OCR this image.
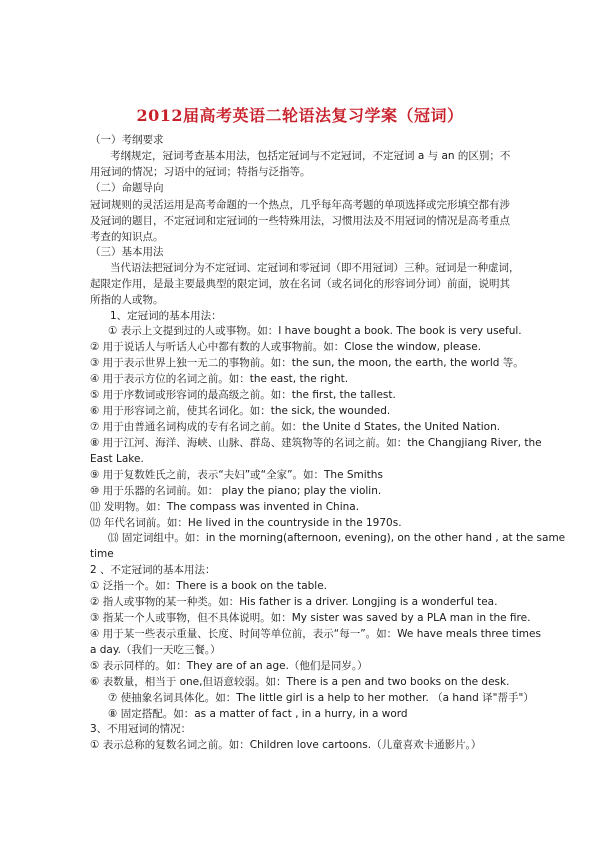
2012届高考英语二轮语法复习学案（冠词）
（一）考纲要求
考纲规定，冠词考查基本用法，包括定冠词与不定冠词，不定冠词 a 与 an 的区别；不
用冠词的情况；习语中的冠词；特指与泛指等。
（二）命题导向
冠词规则的灵活运用是高考命题的一个热点，几乎每年高考题的单项选择或完形填空都有涉
及冠词的题目，不定冠词和定冠词的一些特殊用法，习惯用法及不用冠词的情况是高考重点
考查的知识点。
（三）基本用法
当代语法把冠词分为不定冠词、定冠词和零冠词（即不用冠词）三种。冠词是一种虚词，
起限定作用，是最主要最典型的限定词，放在名词（或名词化的形容词分词）前面，说明其
所指的人或物。
1、定冠词的基本用法：
① 表示上文提到过的人或事物。如：I have bought a book. The book is very useful.
② 用于说话人与听话人心中都有数的人或事物前。如：Close the window, please.
③ 用于表示世界上独一无二的事物前。如：the sun, the moon, the earth, the world 等。
④ 用于表示方位的名词之前。如：the east, the right.
⑤ 用于序数词或形容词的最高级之前。如：the first, the tallest.
⑥ 用于形容词之前，使其名词化。如：the sick, the wounded.
⑦ 用于由普通名词构成的专有名词之前。如：the Unite d States, the United Nation.
⑧ 用于江河、海洋、海峡、山脉、群岛、建筑物等的名词之前。如：the Changjiang River, the
East Lake.
⑨ 用于复数姓氏之前，表示“夫妇”或“全家”。如：The Smiths
⑩ 用于乐器的名词前。如： play the piano; play the violin.
⑾ 发明物。如：The compass was invented in China.
⑿ 年代名词前。如：He lived in the countryside in the 1970s.
⒀ 固定词组中。如：in the morning(afternoon, evening), on the other hand , at the same
time
2 、不定冠词的基本用法：
① 泛指一个。如：There is a book on the table.
② 指人或事物的某一种类。如：His father is a driver. Longjing is a wonderful tea.
③ 指某一个人或事物，但不具体说明。如：My sister was saved by a PLA man in the fire.
④ 用于某一些表示重量、长度、时间等单位前，表示“每一”。如：We have meals three times
a day.（我们一天吃三餐。）
⑤ 表示同样的。如：They are of an age.（他们是同岁。）
⑥ 表数量，相当于 one,但语意较弱。如：There is a pen and two books on the desk.
⑦ 使抽象名词具体化。如：The little girl is a help to her mother. （a hand 译"帮手"）
⑧ 固定搭配。如：as a matter of fact , in a hurry, in a word
3、不用冠词的情况：
① 表示总称的复数名词之前。如：Children love cartoons.（儿童喜欢卡通影片。）
